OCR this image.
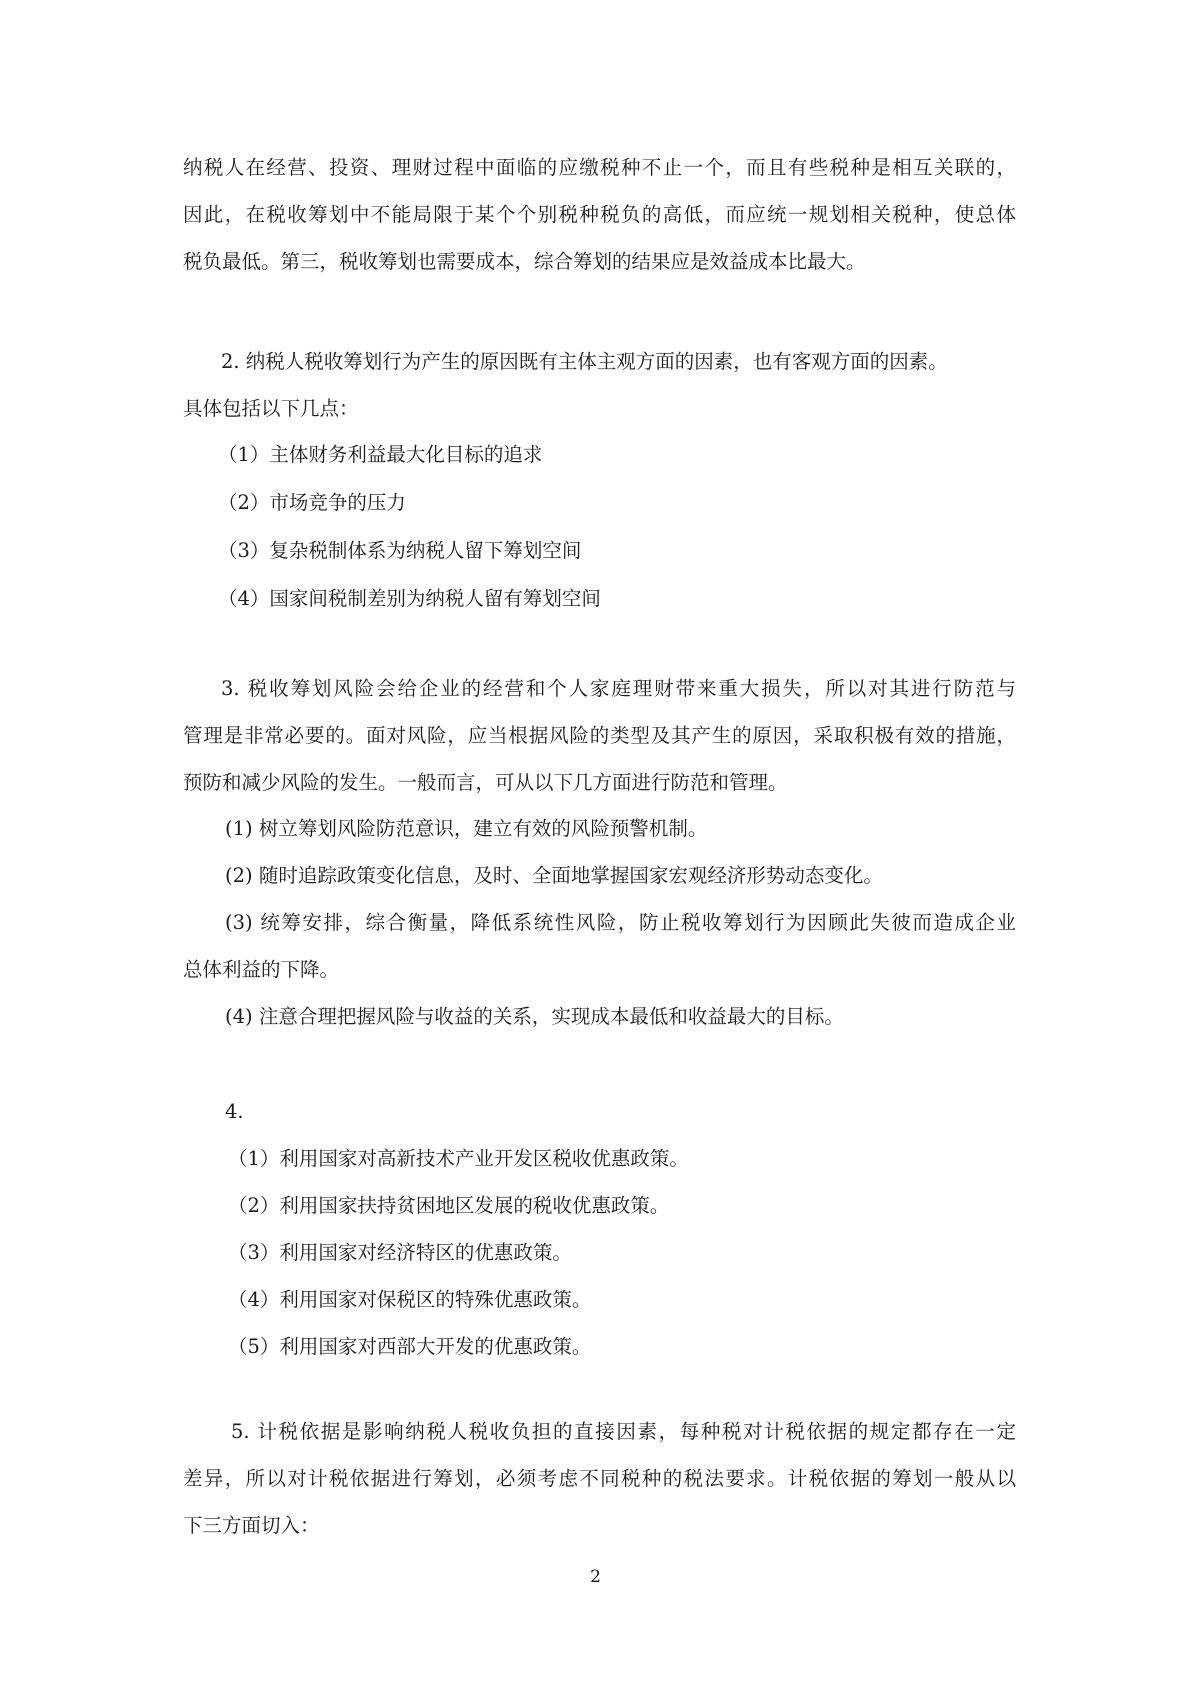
纳税人在经营、投资、理财过程中面临的应缴税种不止一个，而且有些税种是相互关联的，
因此，在税收筹划中不能局限于某个个别税种税负的高低，而应统一规划相关税种，使总体
税负最低。第三，税收筹划也需要成本，综合筹划的结果应是效益成本比最大。
2. 纳税人税收筹划行为产生的原因既有主体主观方面的因素，也有客观方面的因素。
具体包括以下几点：
（1）主体财务利益最大化目标的追求
（2）市场竞争的压力
（3）复杂税制体系为纳税人留下筹划空间
（4）国家间税制差别为纳税人留有筹划空间
3. 税收筹划风险会给企业的经营和个人家庭理财带来重大损失，所以对其进行防范与
管理是非常必要的。面对风险，应当根据风险的类型及其产生的原因，采取积极有效的措施，
预防和减少风险的发生。一般而言，可从以下几方面进行防范和管理。
(1) 树立筹划风险防范意识，建立有效的风险预警机制。
(2) 随时追踪政策变化信息，及时、全面地掌握国家宏观经济形势动态变化。
(3) 统筹安排，综合衡量，降低系统性风险，防止税收筹划行为因顾此失彼而造成企业
总体利益的下降。
(4) 注意合理把握风险与收益的关系，实现成本最低和收益最大的目标。
4.
（1）利用国家对高新技术产业开发区税收优惠政策。
（2）利用国家扶持贫困地区发展的税收优惠政策。
（3）利用国家对经济特区的优惠政策。
（4）利用国家对保税区的特殊优惠政策。
（5）利用国家对西部大开发的优惠政策。
5. 计税依据是影响纳税人税收负担的直接因素，每种税对计税依据的规定都存在一定
差异，所以对计税依据进行筹划，必须考虑不同税种的税法要求。计税依据的筹划一般从以
下三方面切入：
2
